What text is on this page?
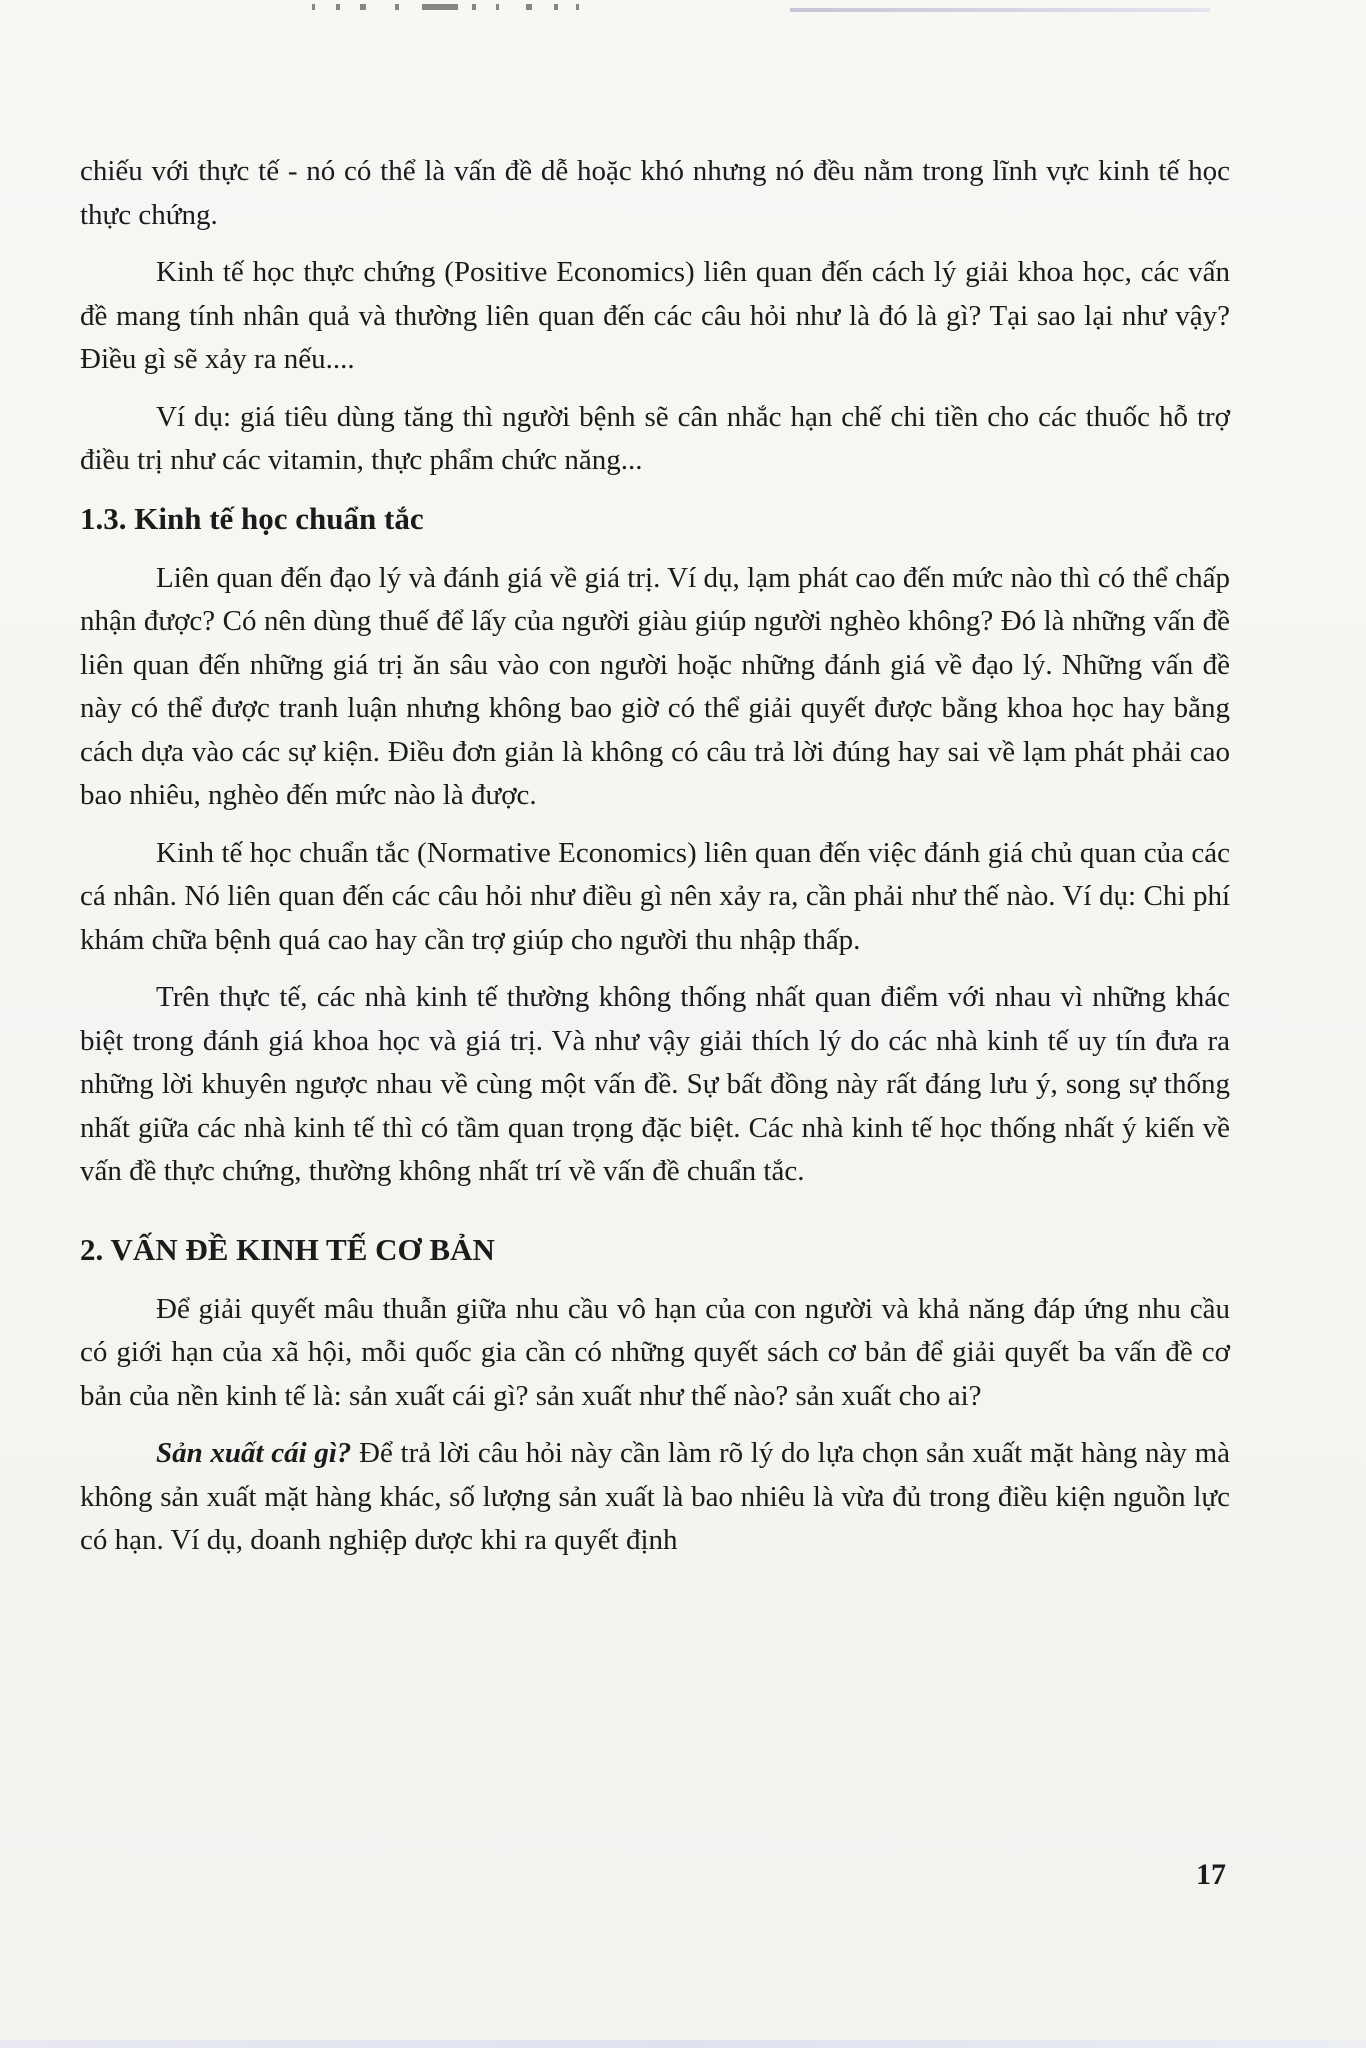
chiếu với thực tế - nó có thể là vấn đề dễ hoặc khó nhưng nó đều nằm trong lĩnh vực kinh tế học thực chứng.

Kinh tế học thực chứng (Positive Economics) liên quan đến cách lý giải khoa học, các vấn đề mang tính nhân quả và thường liên quan đến các câu hỏi như là đó là gì? Tại sao lại như vậy? Điều gì sẽ xảy ra nếu....

Ví dụ: giá tiêu dùng tăng thì người bệnh sẽ cân nhắc hạn chế chi tiền cho các thuốc hỗ trợ điều trị như các vitamin, thực phẩm chức năng...

1.3. Kinh tế học chuẩn tắc

Liên quan đến đạo lý và đánh giá về giá trị. Ví dụ, lạm phát cao đến mức nào thì có thể chấp nhận được? Có nên dùng thuế để lấy của người giàu giúp người nghèo không? Đó là những vấn đề liên quan đến những giá trị ăn sâu vào con người hoặc những đánh giá về đạo lý. Những vấn đề này có thể được tranh luận nhưng không bao giờ có thể giải quyết được bằng khoa học hay bằng cách dựa vào các sự kiện. Điều đơn giản là không có câu trả lời đúng hay sai về lạm phát phải cao bao nhiêu, nghèo đến mức nào là được.

Kinh tế học chuẩn tắc (Normative Economics) liên quan đến việc đánh giá chủ quan của các cá nhân. Nó liên quan đến các câu hỏi như điều gì nên xảy ra, cần phải như thế nào. Ví dụ: Chi phí khám chữa bệnh quá cao hay cần trợ giúp cho người thu nhập thấp.

Trên thực tế, các nhà kinh tế thường không thống nhất quan điểm với nhau vì những khác biệt trong đánh giá khoa học và giá trị. Và như vậy giải thích lý do các nhà kinh tế uy tín đưa ra những lời khuyên ngược nhau về cùng một vấn đề. Sự bất đồng này rất đáng lưu ý, song sự thống nhất giữa các nhà kinh tế thì có tầm quan trọng đặc biệt. Các nhà kinh tế học thống nhất ý kiến về vấn đề thực chứng, thường không nhất trí về vấn đề chuẩn tắc.

2. VẤN ĐỀ KINH TẾ CƠ BẢN

Để giải quyết mâu thuẫn giữa nhu cầu vô hạn của con người và khả năng đáp ứng nhu cầu có giới hạn của xã hội, mỗi quốc gia cần có những quyết sách cơ bản để giải quyết ba vấn đề cơ bản của nền kinh tế là: sản xuất cái gì? sản xuất như thế nào? sản xuất cho ai?

Sản xuất cái gì? Để trả lời câu hỏi này cần làm rõ lý do lựa chọn sản xuất mặt hàng này mà không sản xuất mặt hàng khác, số lượng sản xuất là bao nhiêu là vừa đủ trong điều kiện nguồn lực có hạn. Ví dụ, doanh nghiệp dược khi ra quyết định

17
